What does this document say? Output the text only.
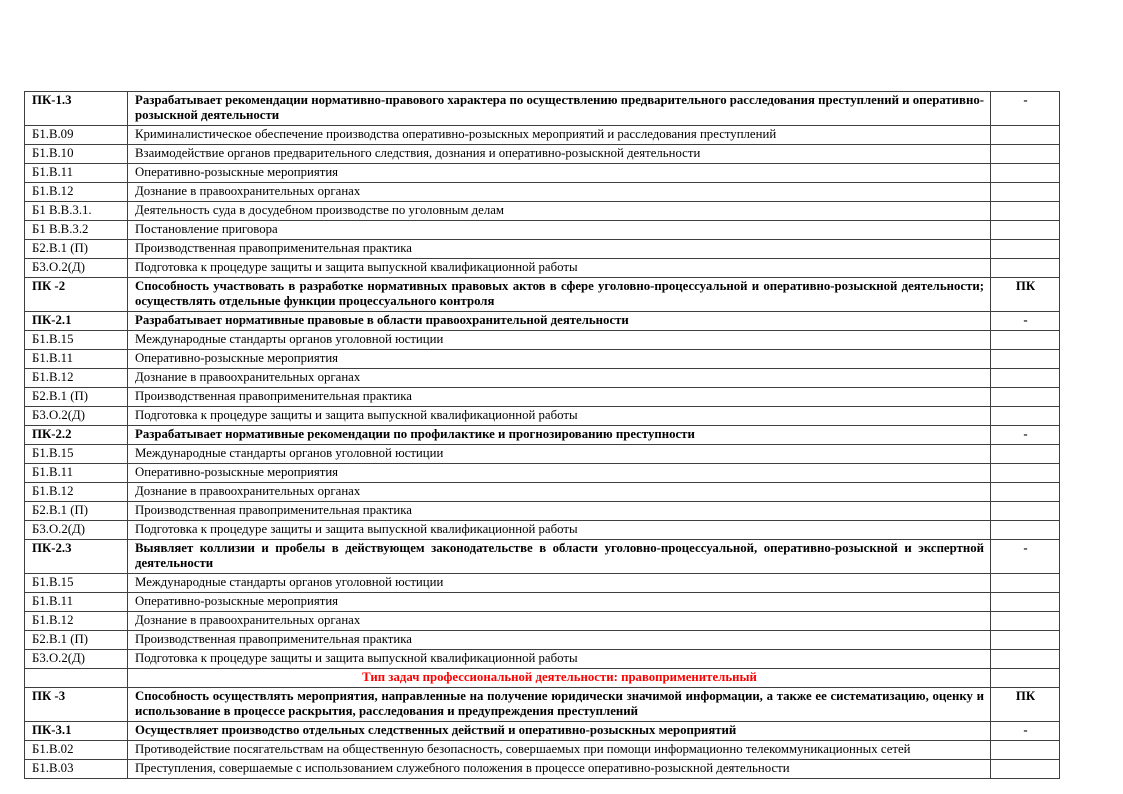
ПК-1.3	Разрабатывает рекомендации нормативно-правового характера по осуществлению предварительного расследования преступлений и оперативно-розыскной деятельности	-
Б1.В.09	Криминалистическое обеспечение производства оперативно-розыскных мероприятий и расследования преступлений	
Б1.В.10	Взаимодействие органов предварительного следствия, дознания и оперативно-розыскной деятельности	
Б1.В.11	Оперативно-розыскные мероприятия	
Б1.В.12	Дознание в правоохранительных органах	
Б1 В.В.3.1.	Деятельность суда в досудебном производстве по уголовным делам	
Б1 В.В.3.2	Постановление приговора	
Б2.В.1 (П)	Производственная правоприменительная практика	
Б3.О.2(Д)	Подготовка к процедуре защиты и защита выпускной квалификационной работы	
ПК -2	Способность участвовать в разработке нормативных правовых актов в сфере уголовно-процессуальной и оперативно-розыскной деятельности; осуществлять отдельные функции процессуального контроля	ПК
ПК-2.1	Разрабатывает нормативные правовые в области правоохранительной деятельности	-
Б1.В.15	Международные стандарты органов уголовной юстиции	
Б1.В.11	Оперативно-розыскные мероприятия	
Б1.В.12	Дознание в правоохранительных органах	
Б2.В.1 (П)	Производственная правоприменительная практика	
Б3.О.2(Д)	Подготовка к процедуре защиты и защита выпускной квалификационной работы	
ПК-2.2	Разрабатывает нормативные рекомендации по профилактике и прогнозированию преступности	-
Б1.В.15	Международные стандарты органов уголовной юстиции	
Б1.В.11	Оперативно-розыскные мероприятия	
Б1.В.12	Дознание в правоохранительных органах	
Б2.В.1 (П)	Производственная правоприменительная практика	
Б3.О.2(Д)	Подготовка к процедуре защиты и защита выпускной квалификационной работы	
ПК-2.3	Выявляет коллизии и пробелы в действующем законодательстве в области уголовно-процессуальной, оперативно-розыскной и экспертной деятельности	-
Б1.В.15	Международные стандарты органов уголовной юстиции	
Б1.В.11	Оперативно-розыскные мероприятия	
Б1.В.12	Дознание в правоохранительных органах	
Б2.В.1 (П)	Производственная правоприменительная практика	
Б3.О.2(Д)	Подготовка к процедуре защиты и защита выпускной квалификационной работы	
	Тип задач профессиональной деятельности: правоприменительный	
ПК -3	Способность осуществлять мероприятия, направленные на получение юридически значимой информации, а также ее систематизацию, оценку и использование в процессе раскрытия, расследования и предупреждения преступлений	ПК
ПК-3.1	Осуществляет производство отдельных следственных действий и оперативно-розыскных мероприятий	-
Б1.В.02	Противодействие посягательствам на общественную безопасность, совершаемых при помощи информационно телекоммуникационных сетей	
Б1.В.03	Преступления, совершаемые с использованием служебного положения в процессе оперативно-розыскной деятельности	
